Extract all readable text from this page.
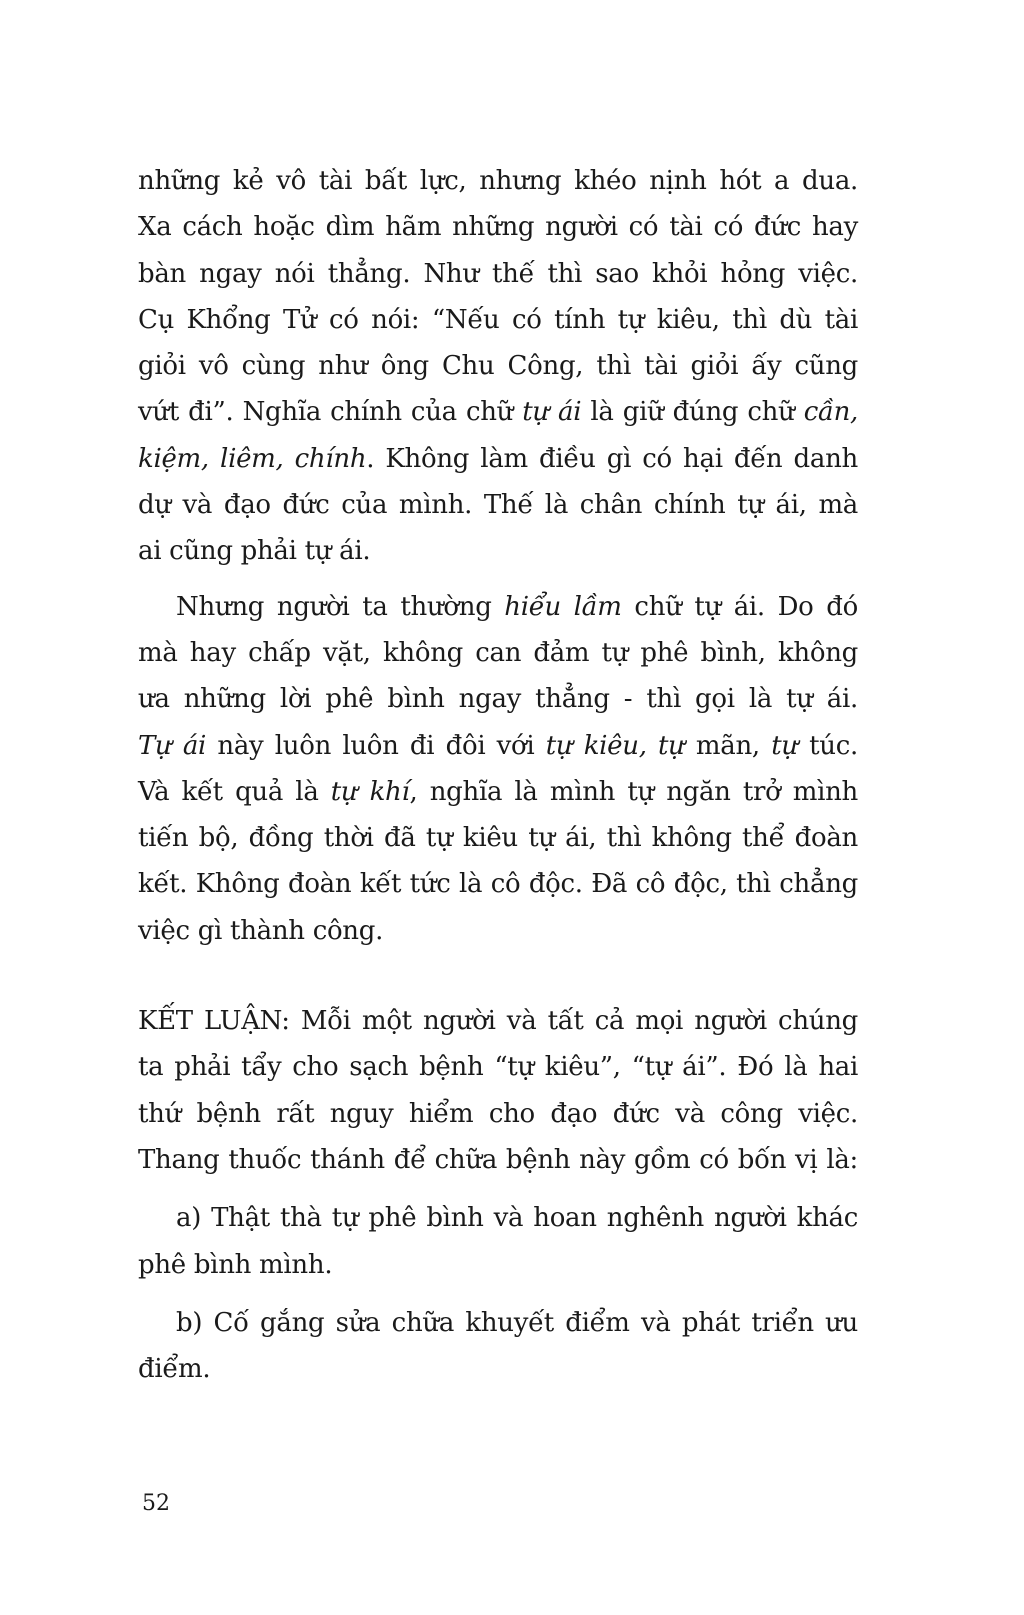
những kẻ vô tài bất lực, nhưng khéo nịnh hót a dua.
Xa cách hoặc dìm hãm những người có tài có đức hay
bàn ngay nói thẳng. Như thế thì sao khỏi hỏng việc.
Cụ Khổng Tử có nói: “Nếu có tính tự kiêu, thì dù tài
giỏi vô cùng như ông Chu Công, thì tài giỏi ấy cũng
vứt đi”. Nghĩa chính của chữ tự ái là giữ đúng chữ cần,
kiệm, liêm, chính. Không làm điều gì có hại đến danh
dự và đạo đức của mình. Thế là chân chính tự ái, mà
ai cũng phải tự ái.
Nhưng người ta thường hiểu lầm chữ tự ái. Do đó
mà hay chấp vặt, không can đảm tự phê bình, không
ưa những lời phê bình ngay thẳng - thì gọi là tự ái.
Tự ái này luôn luôn đi đôi với tự kiêu, tự mãn, tự túc.
Và kết quả là tự khí, nghĩa là mình tự ngăn trở mình
tiến bộ, đồng thời đã tự kiêu tự ái, thì không thể đoàn
kết. Không đoàn kết tức là cô độc. Đã cô độc, thì chẳng
việc gì thành công.
KẾT LUẬN: Mỗi một người và tất cả mọi người chúng
ta phải tẩy cho sạch bệnh “tự kiêu”, “tự ái”. Đó là hai
thứ bệnh rất nguy hiểm cho đạo đức và công việc.
Thang thuốc thánh để chữa bệnh này gồm có bốn vị là:
a) Thật thà tự phê bình và hoan nghênh người khác
phê bình mình.
b) Cố gắng sửa chữa khuyết điểm và phát triển ưu
điểm.
52
